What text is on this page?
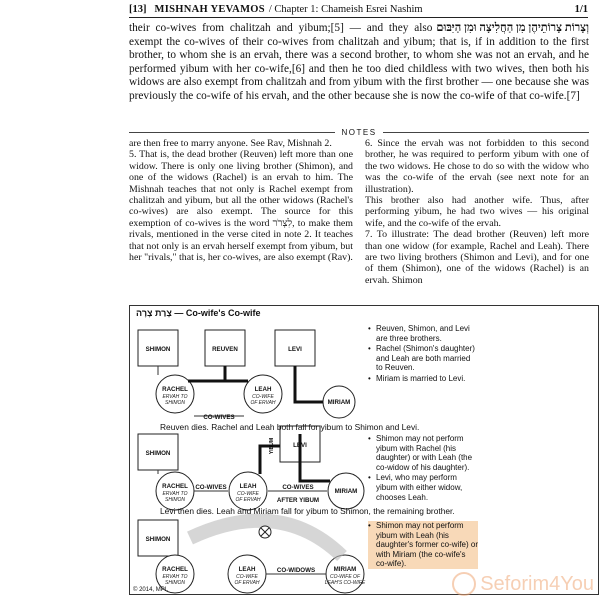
[13] MISHNAH YEVAMOS / Chapter 1: Chameish Esrei Nashim	1/1
וְצָרוֹת צָרוֹתֵיהֶן מִן הַחֲלִיצָה וּמִן הַיִּבּוּם
their co-wives from chalitzah and yibum;[5] — and they also exempt the co-wives of their co-wives from chalitzah and yibum; that is, if in addition to the first brother, to whom she is an ervah, there was a second brother, to whom she was not an ervah, and he performed yibum with her co-wife,[6] and then he too died childless with two wives, then both his widows are also exempt from chalitzah and from yibum with the first brother — one because she was previously the co-wife of his ervah, and the other because she is now the co-wife of that co-wife.[7]
NOTES

are then free to marry anyone. See Rav, Mishnah 2.

5. That is, the dead brother (Reuven) left more than one widow. There is only one living brother (Shimon), and one of the widows (Rachel) is an ervah to him. The Mishnah teaches that not only is Rachel exempt from chalitzah and yibum, but all the other widows (Rachel's co-wives) are also exempt. The source for this exemption of co-wives is the word לִצְרֹר, to make them rivals, mentioned in the verse cited in note 2. It teaches that not only is an ervah herself exempt from yibum, but her "rivals," that is, her co-wives, are also exempt (Rav).

6. Since the ervah was not forbidden to this second brother, he was required to perform yibum with one of the two widows. He chose to do so with the widow who was the co-wife of the ervah (see next note for an illustration).

This brother also had another wife. Thus, after performing yibum, he had two wives — his original wife, and the co-wife of the ervah.

7. To illustrate: The dead brother (Reuven) left more than one widow (for example, Rachel and Leah). There are two living brothers (Shimon and Levi), and for one of them (Shimon), one of the widows (Rachel) is an ervah. Shimon

צָרַת צָרָה — Co-wife's Co-wife
SHIMON	REUVEN	LEVI
RACHEL	LEAH
MIRIAM
CO-WIVES
SHIMON
LEVI
RACHEL	LEAH
MIRIAM
CO-WIVES	CO-WIVES
AFTER YIBUM
SHIMON
RACHEL	LEAH	MIRIAM
CO-WIDOWS
ERVAH TO
SHIMON
CO-WIFE
OF ERVAH
ERVAH TO
SHIMON
CO-WIFE
OF ERVAH
ERVAH TO
SHIMON
CO-WIFE
OF ERVAH
CO-WIFE OF
LEAH'S CO-WIFE
YIBUM
• Reuven, Shimon, and Levi are three brothers.
• Rachel (Shimon's daughter) and Leah are both married to Reuven.
• Miriam is married to Levi.
Reuven dies. Rachel and Leah both fall for yibum to Shimon and Levi.
• Shimon may not perform yibum with Rachel (his daughter) or with Leah (the co-widow of his daughter).
• Levi, who may perform yibum with either widow, chooses Leah.
Levi then dies. Leah and Miriam fall for yibum to Shimon, the remaining brother.
• Shimon may not perform yibum with Leah (his daughter's former co-wife) or with Miriam (the co-wife's co-wife).
© 2014, MPL	Seforim4You
